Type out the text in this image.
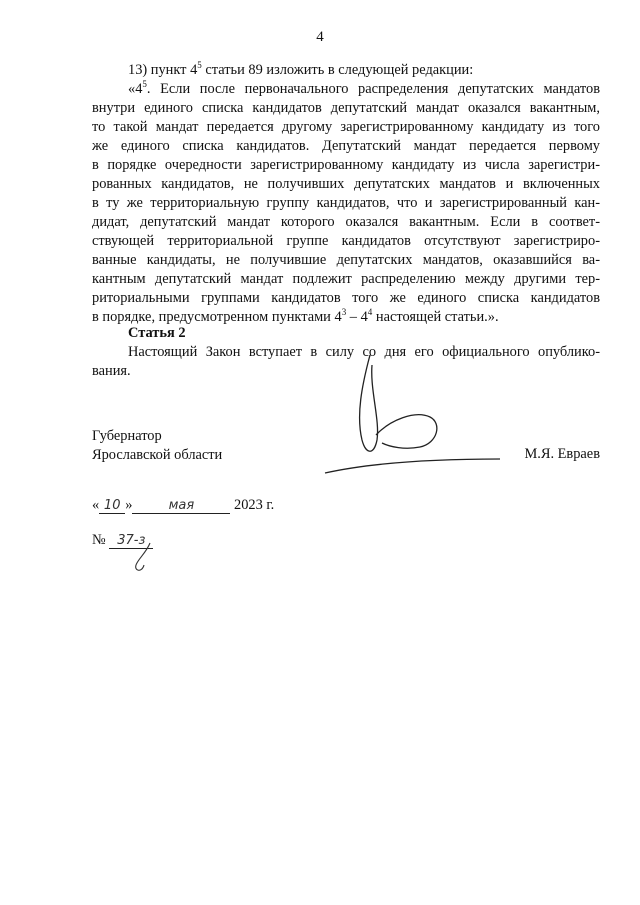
4
13) пункт $4^5$ статьи 89 изложить в следующей редакции:
«$4^5$. Если после первоначального распределения депутатских мандатов
внутри единого списка кандидатов депутатский мандат оказался вакантным,
то такой мандат передается другому зарегистрированному кандидату из того
же единого списка кандидатов. Депутатский мандат передается первому
в порядке очередности зарегистрированному кандидату из числа зарегистри-
рованных кандидатов, не получивших депутатских мандатов и включенных
в ту же территориальную группу кандидатов, что и зарегистрированный кан-
дидат, депутатский мандат которого оказался вакантным. Если в соответ-
ствующей территориальной группе кандидатов отсутствуют зарегистриро-
ванные кандидаты, не получившие депутатских мандатов, оказавшийся ва-
кантным депутатский мандат подлежит распределению между другими тер-
риториальными группами кандидатов того же единого списка кандидатов
в порядке, предусмотренном пунктами $4^3 - 4^4$ настоящей статьи.».
Статья 2
Настоящий Закон вступает в силу со дня его официального опублико-
вания.
Губернатор
Ярославской области	М.Я. Евраев
« 10 »	мая	2023 г.
№ 37-з
